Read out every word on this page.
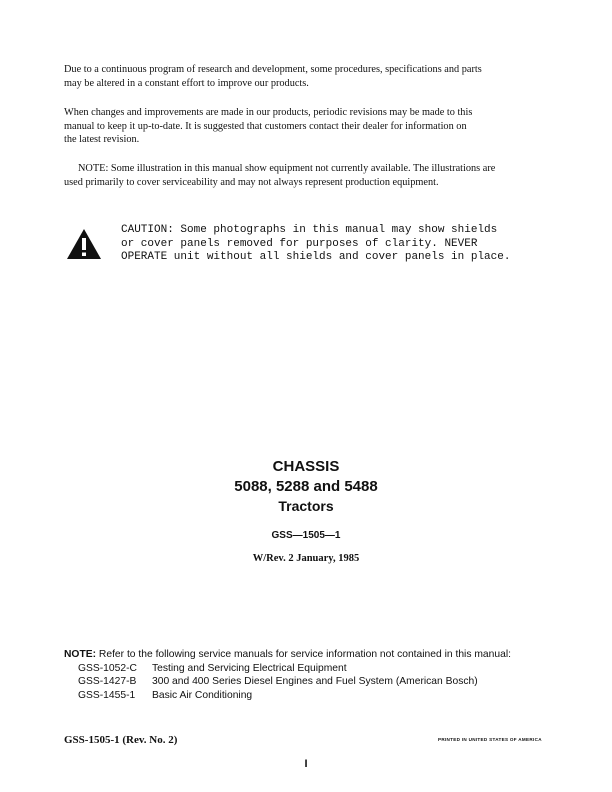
Due to a continuous program of research and development, some procedures, specifications and parts
may be altered in a constant effort to improve our products.

When changes and improvements are made in our products, periodic revisions may be made to this
manual to keep it up-to-date. It is suggested that customers contact their dealer for information on
the latest revision.

NOTE: Some illustration in this manual show equipment not currently available. The illustrations are
used primarily to cover serviceability and may not always represent production equipment.

CAUTION: Some photographs in this manual may show shields
or cover panels removed for purposes of clarity. NEVER
OPERATE unit without all shields and cover panels in place.
CHASSIS
5088, 5288 and 5488
Tractors
GSS—1505—1
W/Rev. 2 January, 1985
NOTE: Refer to the following service manuals for service information not contained in this manual:
GSS-1052-C Testing and Servicing Electrical Equipment
GSS-1427-B 300 and 400 Series Diesel Engines and Fuel System (American Bosch)
GSS-1455-1 Basic Air Conditioning
GSS-1505-1 (Rev. No. 2)	PRINTED IN UNITED STATES OF AMERICA
I
